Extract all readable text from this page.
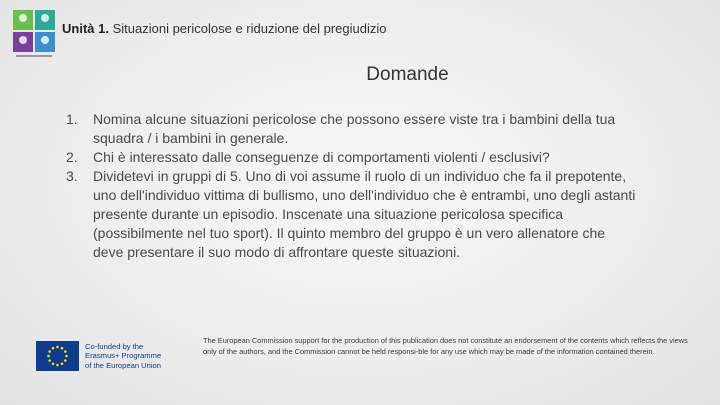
Unità 1. Situazioni pericolose e riduzione del pregiudizio
Domande
1.	Nomina alcune situazioni pericolose che possono essere viste tra i bambini della tua squadra / i bambini in generale.
2.	Chi è interessato dalle conseguenze di comportamenti violenti / esclusivi?
3.	Dividetevi in gruppi di 5. Uno di voi assume il ruolo di un individuo che fa il prepotente, uno dell'individuo vittima di bullismo, uno dell'individuo che è entrambi, uno degli astanti presente durante un episodio. Inscenate una situazione pericolosa specifica (possibilmente nel tuo sport). Il quinto membro del gruppo è un vero allenatore che deve presentare il suo modo di affrontare queste situazioni.
Co-funded by the
Erasmus+ Programme
of the European Union
The European Commission support for the production of this publication does not constitute an endorsement of the contents which reflects the views only of the authors, and the Commission cannot be held responsi-ble for any use which may be made of the information contained therein.
